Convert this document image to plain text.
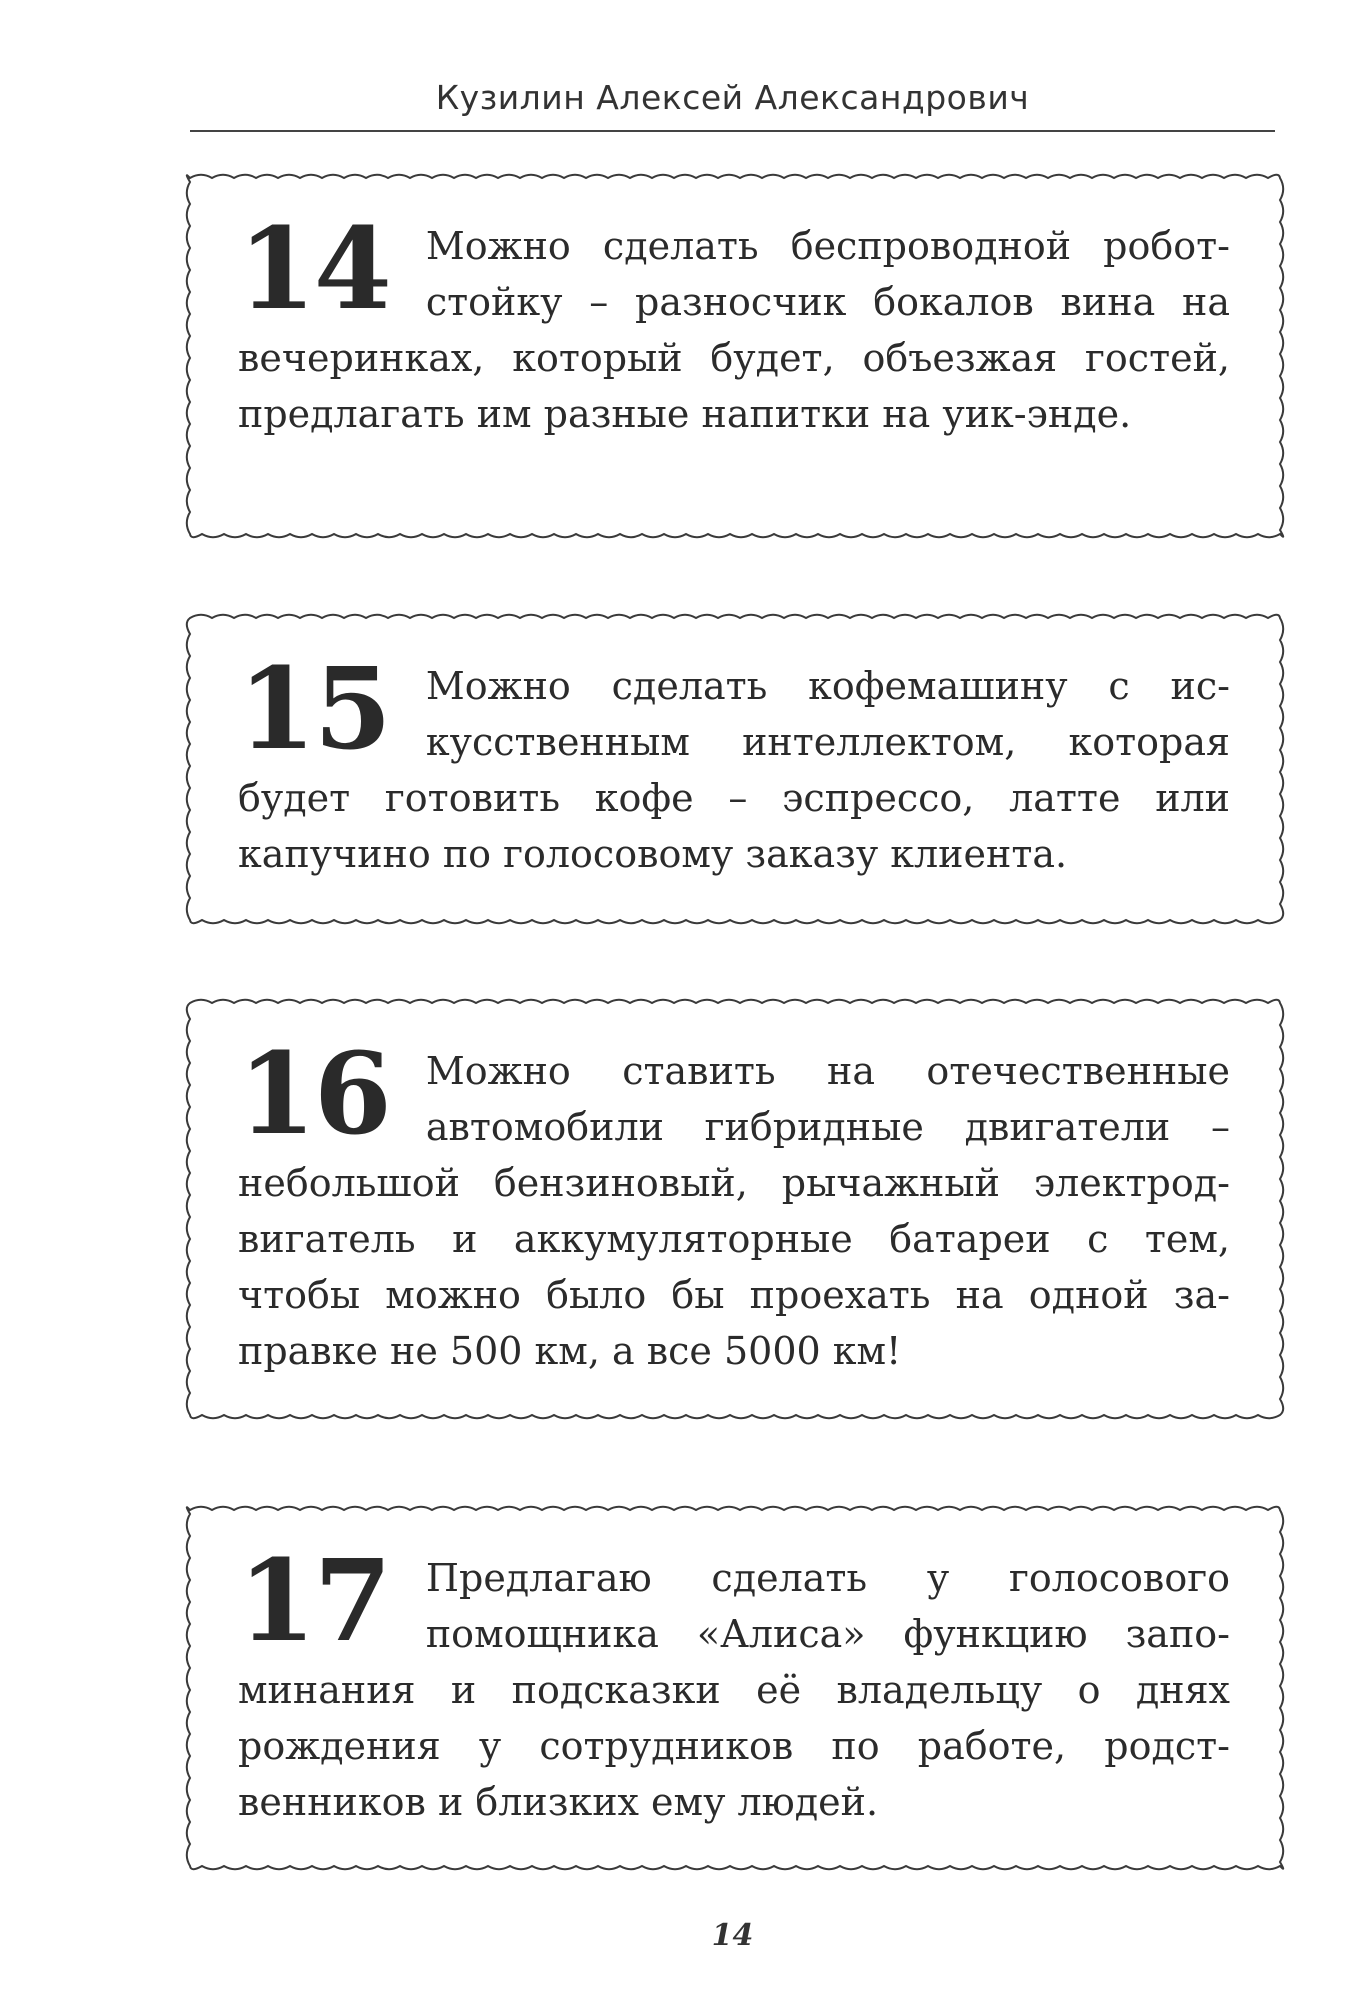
Кузилин Алексей Александрович
14 Можно сделать беспроводной робот-стойку – разносчик бокалов вина на вечеринках, который будет, объезжая гостей, предлагать им разные напитки на уик-энде.
15 Можно сделать кофемашину с искусственным интеллектом, которая будет готовить кофе – эспрессо, латте или капучино по голосовому заказу клиента.
16 Можно ставить на отечественные автомобили гибридные двигатели – небольшой бензиновый, рычажный электродвигатель и аккумуляторные батареи с тем, чтобы можно было бы проехать на одной заправке не 500 км, а все 5000 км!
17 Предлагаю сделать у голосового помощника «Алиса» функцию запоминания и подсказки её владельцу о днях рождения у сотрудников по работе, родственников и близких ему людей.
14
